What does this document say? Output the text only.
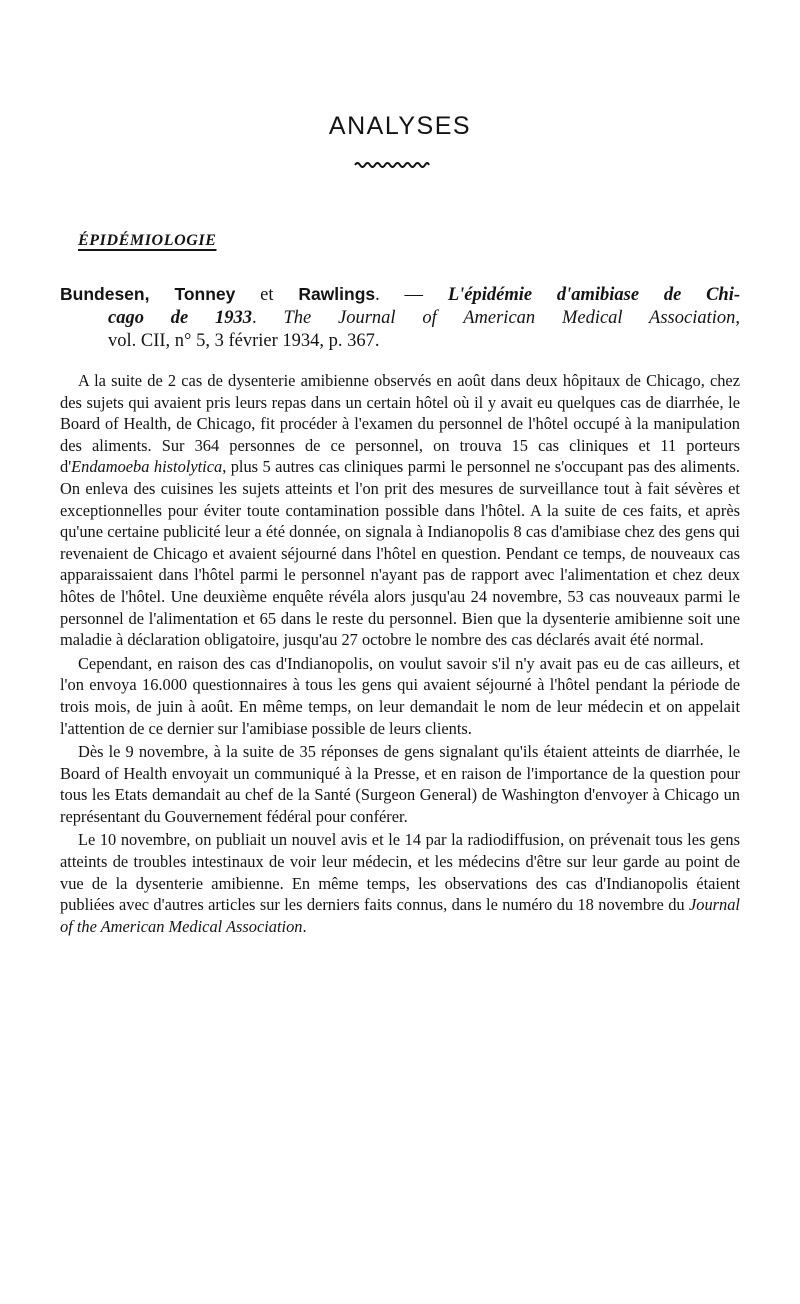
ANALYSES
ÉPIDÉMIOLOGIE
Bundesen, Tonney et Rawlings. — L'épidémie d'amibiase de Chi-
cago de 1933. The Journal of American Medical Association,
vol. CII, n° 5, 3 février 1934, p. 367.

A la suite de 2 cas de dysenterie amibienne observés en août dans deux hôpitaux de Chicago, chez des sujets qui avaient pris leurs repas dans un certain hôtel où il y avait eu quelques cas de diarrhée, le Board of Health, de Chicago, fit procéder à l'examen du personnel de l'hôtel occupé à la manipulation des aliments. Sur 364 personnes de ce personnel, on trouva 15 cas cliniques et 11 porteurs d'Endamoeba histolytica, plus 5 autres cas cliniques parmi le personnel ne s'occupant pas des aliments. On enleva des cuisines les sujets atteints et l'on prit des mesures de surveillance tout à fait sévères et exceptionnelles pour éviter toute contamination possible dans l'hôtel. A la suite de ces faits, et après qu'une certaine publicité leur a été donnée, on signala à Indianopolis 8 cas d'amibiase chez des gens qui revenaient de Chicago et avaient séjourné dans l'hôtel en question. Pendant ce temps, de nouveaux cas apparaissaient dans l'hôtel parmi le personnel n'ayant pas de rapport avec l'alimentation et chez deux hôtes de l'hôtel. Une deuxième enquête révéla alors jusqu'au 24 novembre, 53 cas nouveaux parmi le personnel de l'alimentation et 65 dans le reste du personnel. Bien que la dysenterie amibienne soit une maladie à déclaration obligatoire, jusqu'au 27 octobre le nombre des cas déclarés avait été normal.

Cependant, en raison des cas d'Indianopolis, on voulut savoir s'il n'y avait pas eu de cas ailleurs, et l'on envoya 16.000 questionnaires à tous les gens qui avaient séjourné à l'hôtel pendant la période de trois mois, de juin à août. En même temps, on leur demandait le nom de leur médecin et on appelait l'attention de ce dernier sur l'amibiase possible de leurs clients.

Dès le 9 novembre, à la suite de 35 réponses de gens signalant qu'ils étaient atteints de diarrhée, le Board of Health envoyait un communiqué à la Presse, et en raison de l'importance de la question pour tous les Etats demandait au chef de la Santé (Surgeon General) de Washington d'envoyer à Chicago un représentant du Gouvernement fédéral pour conférer.

Le 10 novembre, on publiait un nouvel avis et le 14 par la radiodiffusion, on prévenait tous les gens atteints de troubles intestinaux de voir leur médecin, et les médecins d'être sur leur garde au point de vue de la dysenterie amibienne. En même temps, les observations des cas d'Indianopolis étaient publiées avec d'autres articles sur les derniers faits connus, dans le numéro du 18 novembre du Journal of the American Medical Association.
